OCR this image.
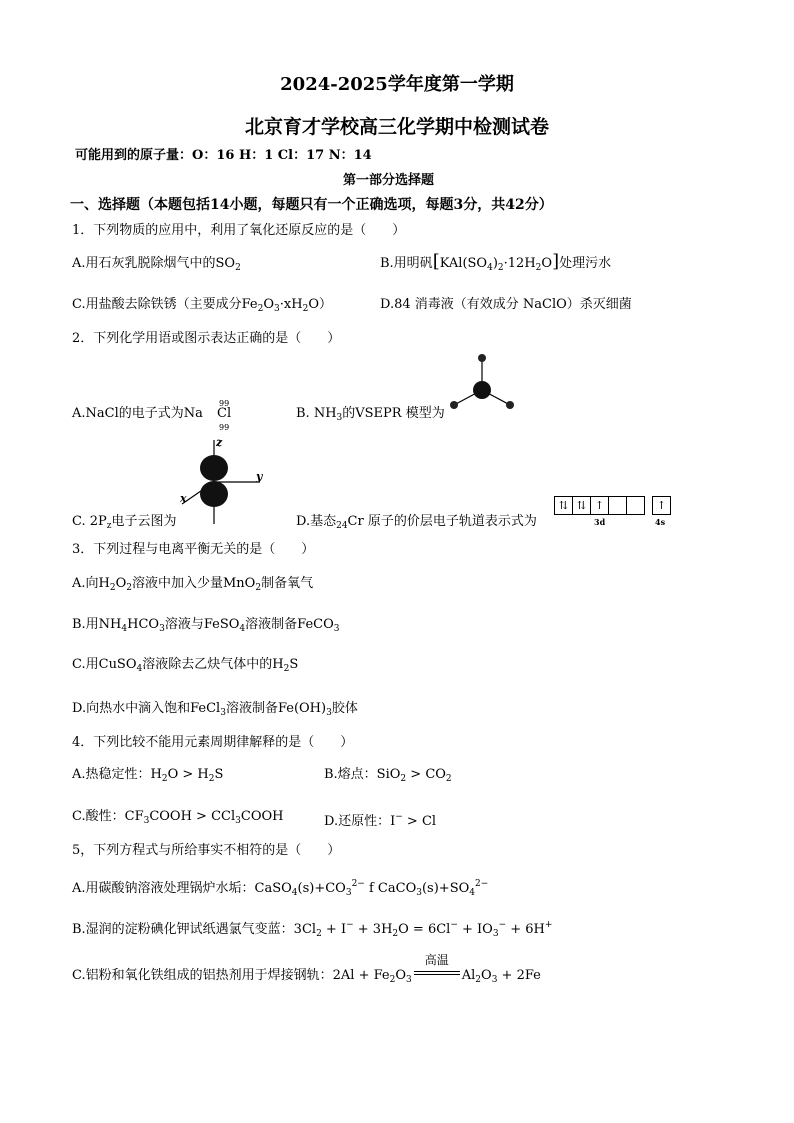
2024-2025学年度第一学期
北京育才学校高三化学期中检测试卷
可能用到的原子量：O：16 H：1 Cl：17 N：14
第一部分选择题
一、选择题（本题包括14小题，每题只有一个正确选项，每题3分，共42分）
1．下列物质的应用中，利用了氧化还原反应的是（　　）
A.用石灰乳脱除烟气中的$SO_2$	B.用明矾$[KAl(SO_4)_2\cdot 12H_2O]$处理污水
C.用盐酸去除铁锈（主要成分$Fe_2O_3\cdot xH_2O$）	D.84 消毒液（有效成分 NaClO）杀灭细菌
2．下列化学用语或图示表达正确的是（　　）
A.NaCl的电子式为Na
99
Cl
99
B. $NH_3$的VSEPR 模型为
z
y
x
C. $2P_z$电子云图为	D.基态$_{24}$Cr 原子的价层电子轨道表示式为
⇅ ⇅ ↑	↑
3d	4s
3．下列过程与电离平衡无关的是（　　）
A.向$H_2O_2$溶液中加入少量MnO$_2$制备氧气
B.用$NH_4HCO_3$溶液与FeSO$_4$溶液制备FeCO$_3$
C.用CuSO$_4$溶液除去乙炔气体中的$H_2S$
D.向热水中滴入饱和FeCl$_3$溶液制备$Fe(OH)_3$胶体
4．下列比较不能用元素周期律解释的是（　　）
A.热稳定性：$H_2O > H_2S$	B.熔点：$SiO_2 > CO_2$
C.酸性：$CF_3COOH$ > CCl$_3$COOH	D.还原性：I− > Cl
5，下列方程式与所给事实不相符的是（　　）
A.用碳酸钠溶液处理锅炉水垢：$CaSO_4(s)+CO_3^{2-}$ f $CaCO_3(s)+SO_4^{2-}$
B.湿润的淀粉碘化钾试纸遇氯气变蓝：$3Cl_2 + I^- + 3H_2O = 6Cl^- + IO_3^- + 6H^+$
C.铝粉和氧化铁组成的铝热剂用于焊接钢轨：$2Al + Fe_2O_3$
高温
$Al_2O_3 + 2Fe$
